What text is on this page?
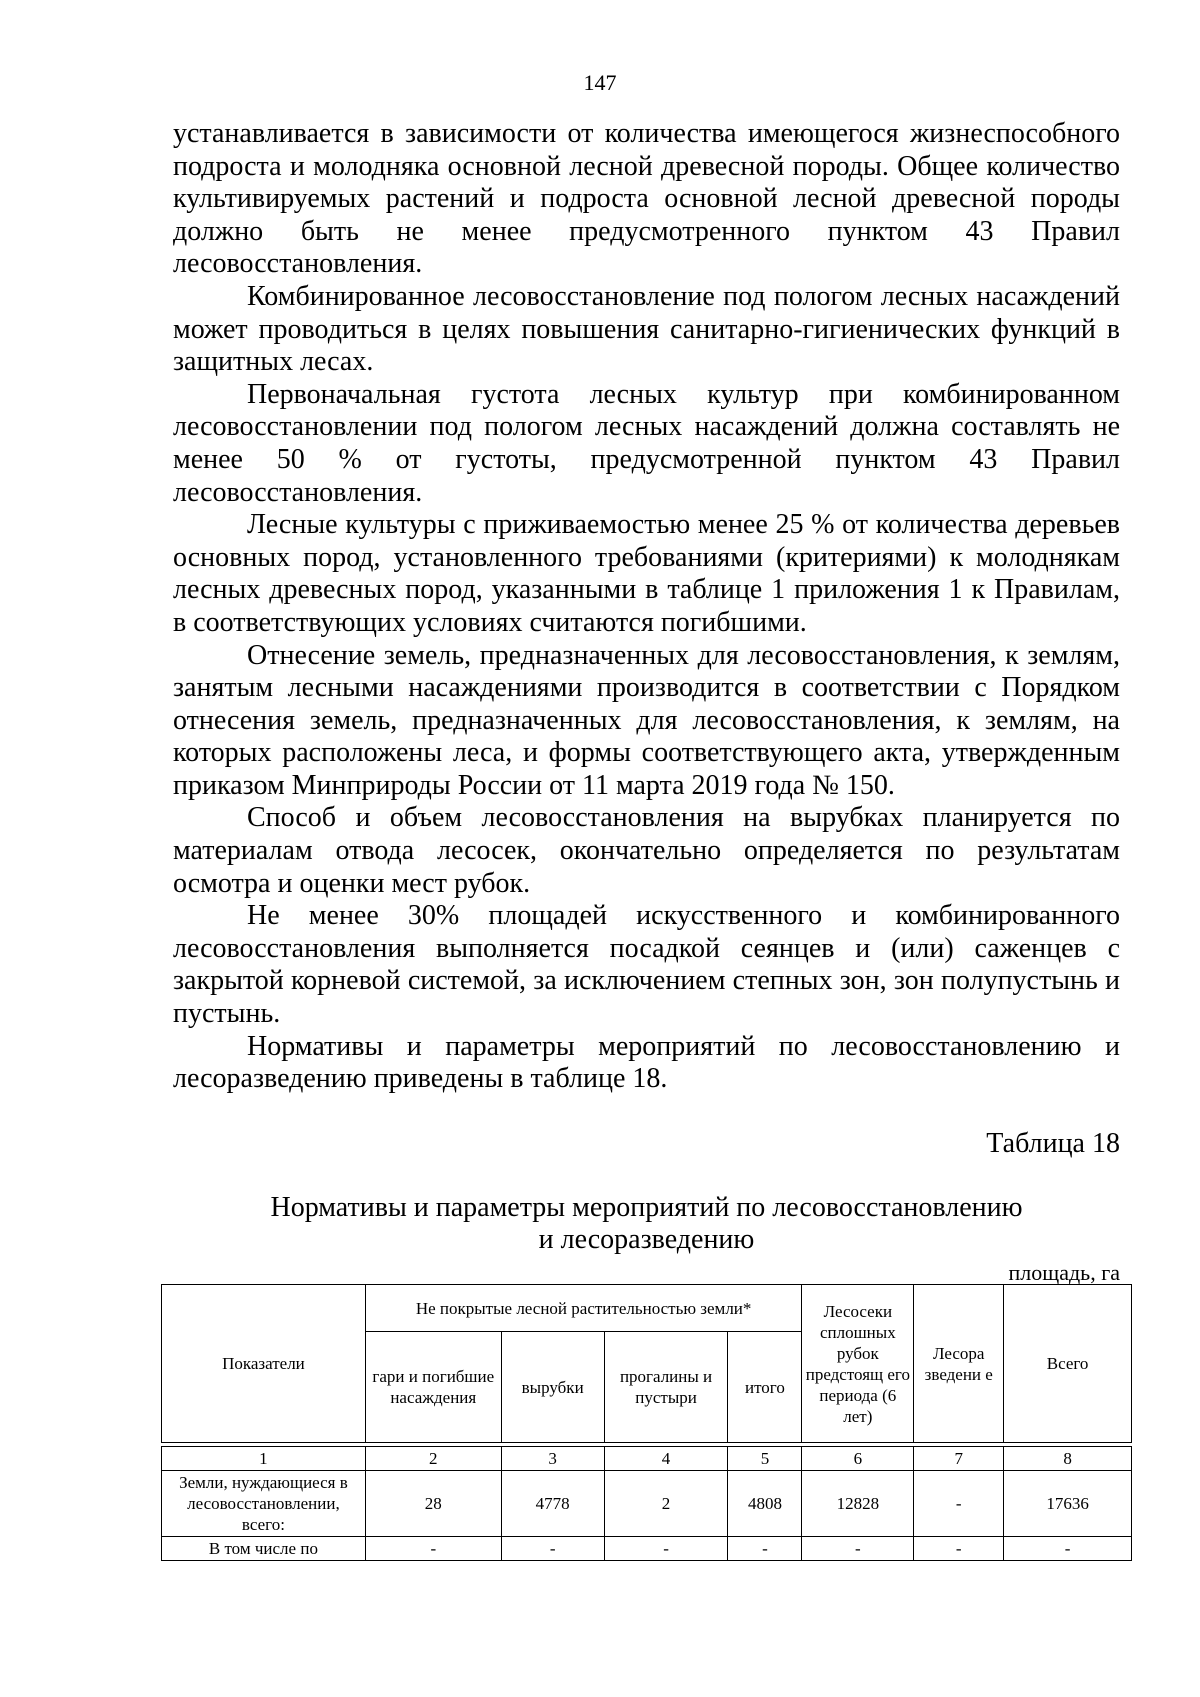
147

устанавливается в зависимости от количества имеющегося жизнеспособного подроста и молодняка основной лесной древесной породы. Общее количество культивируемых растений и подроста основной лесной древесной породы должно быть не менее предусмотренного пунктом 43 Правил лесовосстановления.

Комбинированное лесовосстановление под пологом лесных насаждений может проводиться в целях повышения санитарно-гигиенических функций в защитных лесах.

Первоначальная густота лесных культур при комбинированном лесовосстановлении под пологом лесных насаждений должна составлять не менее 50 % от густоты, предусмотренной пунктом 43 Правил лесовосстановления.

Лесные культуры с приживаемостью менее 25 % от количества деревьев основных пород, установленного требованиями (критериями) к молоднякам лесных древесных пород, указанными в таблице 1 приложения 1 к Правилам, в соответствующих условиях считаются погибшими.

Отнесение земель, предназначенных для лесовосстановления, к землям, занятым лесными насаждениями производится в соответствии с Порядком отнесения земель, предназначенных для лесовосстановления, к землям, на которых расположены леса, и формы соответствующего акта, утвержденным приказом Минприроды России от 11 марта 2019 года № 150.

Способ и объем лесовосстановления на вырубках планируется по материалам отвода лесосек, окончательно определяется по результатам осмотра и оценки мест рубок.

Не менее 30% площадей искусственного и комбинированного лесовосстановления выполняется посадкой сеянцев и (или) саженцев с закрытой корневой системой, за исключением степных зон, зон полупустынь и пустынь.

Нормативы и параметры мероприятий по лесовосстановлению и лесоразведению приведены в таблице 18.

Таблица 18
Нормативы и параметры мероприятий по лесовосстановлению
и лесоразведению
площадь, га
Показатели	Не покрытые лесной растительностью земли*				Лесосеки сплошных рубок предстоящ его периода (6 лет)	Лесора зведени е	Всего
	гари и погибшие насаждения	вырубки	прогалины и пустыри	итого			

1	2	3	4	5	6	7	8
Земли, нуждающиеся в лесовосстановлении, всего:	28	4778	2	4808	12828	-	17636
В том числе по	-	-	-	-	-	-	-
